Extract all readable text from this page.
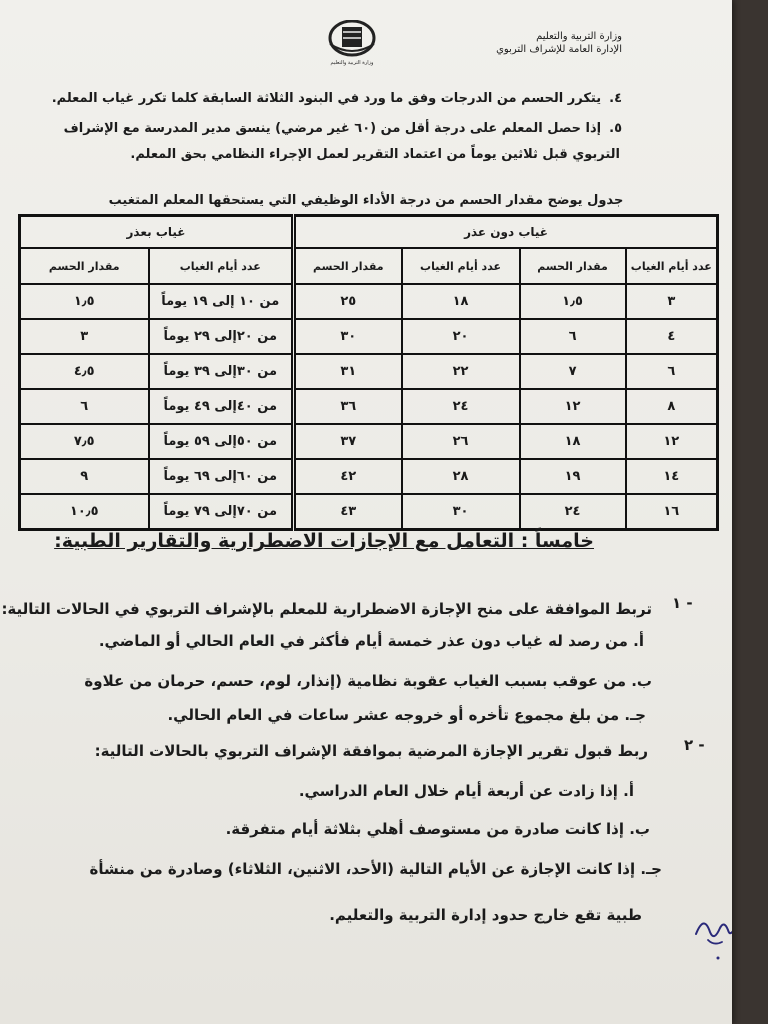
وزارة التربية والتعليم
الإدارة العامة للإشراف التربوي
وزارة التربية والتعليم
٤.يتكرر الحسم من الدرجات وفق ما ورد في البنود الثلاثة السابقة كلما تكرر غياب المعلم.
٥.إذا حصل المعلم على درجة أقل من (٦٠ غير مرضي) ينسق مدير المدرسة مع الإشراف
التربوي قبل ثلاثين يوماً من اعتماد التقرير لعمل الإجراء النظامي بحق المعلم.
جدول يوضح مقدار الحسم من درجة الأداء الوظيفي التي يستحقها المعلم المتغيب
غياب دون عذر				غياب بعذر	
عدد أيام الغياب	مقدار الحسم	عدد أيام الغياب	مقدار الحسم	عدد أيام الغياب	مقدار الحسم
٣	١٫٥	١٨	٢٥	من ١٠ إلى ١٩ يوماً	١٫٥
٤	٦	٢٠	٣٠	من ٢٠إلى ٢٩ يوماً	٣
٦	٧	٢٢	٣١	من ٣٠إلى ٣٩ يوماً	٤٫٥
٨	١٢	٢٤	٣٦	من ٤٠إلى ٤٩ يوماً	٦
١٢	١٨	٢٦	٣٧	من ٥٠إلى ٥٩ يوماً	٧٫٥
١٤	١٩	٢٨	٤٢	من ٦٠إلى ٦٩ يوماً	٩
١٦	٢٤	٣٠	٤٣	من ٧٠إلى ٧٩ يوماً	١٠٫٥
خامساً : التعامل مع الإجازات الاضطرارية والتقارير الطبية:
١ -
تربط الموافقة على منح الإجازة الاضطرارية للمعلم بالإشراف التربوي في الحالات التالية:
أ. من رصد له غياب دون عذر خمسة أيام فأكثر في العام الحالي أو الماضي.
ب. من عوقب بسبب الغياب عقوبة نظامية (إنذار، لوم، حسم، حرمان من علاوة
جـ. من بلغ مجموع تأخره أو خروجه عشر ساعات في العام الحالي.
٢ -
ربط قبول تقرير الإجازة المرضية بموافقة الإشراف التربوي بالحالات التالية:
أ. إذا زادت عن أربعة أيام خلال العام الدراسي.
ب. إذا كانت صادرة من مستوصف أهلي بثلاثة أيام متفرقة.
جـ. إذا كانت الإجازة عن الأيام التالية (الأحد، الاثنين، الثلاثاء) وصادرة من منشأة
طبية تقع خارج حدود إدارة التربية والتعليم.
